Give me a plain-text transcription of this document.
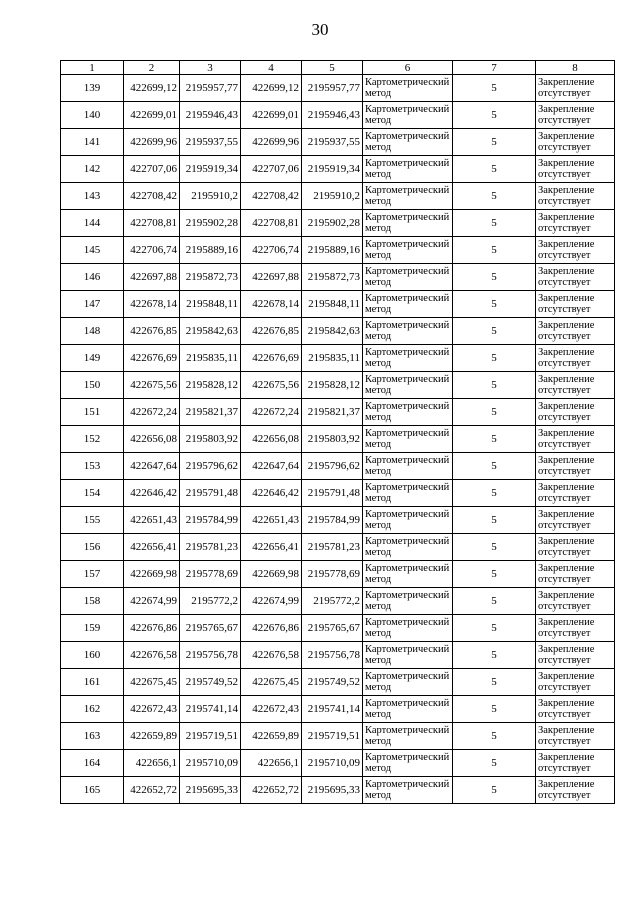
30
1	2	3	4	5	6	7	8
139	422699,12	2195957,77	422699,12	2195957,77	Картометрический метод	5	Закрепление отсутствует
140	422699,01	2195946,43	422699,01	2195946,43	Картометрический метод	5	Закрепление отсутствует
141	422699,96	2195937,55	422699,96	2195937,55	Картометрический метод	5	Закрепление отсутствует
142	422707,06	2195919,34	422707,06	2195919,34	Картометрический метод	5	Закрепление отсутствует
143	422708,42	2195910,2	422708,42	2195910,2	Картометрический метод	5	Закрепление отсутствует
144	422708,81	2195902,28	422708,81	2195902,28	Картометрический метод	5	Закрепление отсутствует
145	422706,74	2195889,16	422706,74	2195889,16	Картометрический метод	5	Закрепление отсутствует
146	422697,88	2195872,73	422697,88	2195872,73	Картометрический метод	5	Закрепление отсутствует
147	422678,14	2195848,11	422678,14	2195848,11	Картометрический метод	5	Закрепление отсутствует
148	422676,85	2195842,63	422676,85	2195842,63	Картометрический метод	5	Закрепление отсутствует
149	422676,69	2195835,11	422676,69	2195835,11	Картометрический метод	5	Закрепление отсутствует
150	422675,56	2195828,12	422675,56	2195828,12	Картометрический метод	5	Закрепление отсутствует
151	422672,24	2195821,37	422672,24	2195821,37	Картометрический метод	5	Закрепление отсутствует
152	422656,08	2195803,92	422656,08	2195803,92	Картометрический метод	5	Закрепление отсутствует
153	422647,64	2195796,62	422647,64	2195796,62	Картометрический метод	5	Закрепление отсутствует
154	422646,42	2195791,48	422646,42	2195791,48	Картометрический метод	5	Закрепление отсутствует
155	422651,43	2195784,99	422651,43	2195784,99	Картометрический метод	5	Закрепление отсутствует
156	422656,41	2195781,23	422656,41	2195781,23	Картометрический метод	5	Закрепление отсутствует
157	422669,98	2195778,69	422669,98	2195778,69	Картометрический метод	5	Закрепление отсутствует
158	422674,99	2195772,2	422674,99	2195772,2	Картометрический метод	5	Закрепление отсутствует
159	422676,86	2195765,67	422676,86	2195765,67	Картометрический метод	5	Закрепление отсутствует
160	422676,58	2195756,78	422676,58	2195756,78	Картометрический метод	5	Закрепление отсутствует
161	422675,45	2195749,52	422675,45	2195749,52	Картометрический метод	5	Закрепление отсутствует
162	422672,43	2195741,14	422672,43	2195741,14	Картометрический метод	5	Закрепление отсутствует
163	422659,89	2195719,51	422659,89	2195719,51	Картометрический метод	5	Закрепление отсутствует
164	422656,1	2195710,09	422656,1	2195710,09	Картометрический метод	5	Закрепление отсутствует
165	422652,72	2195695,33	422652,72	2195695,33	Картометрический метод	5	Закрепление отсутствует
